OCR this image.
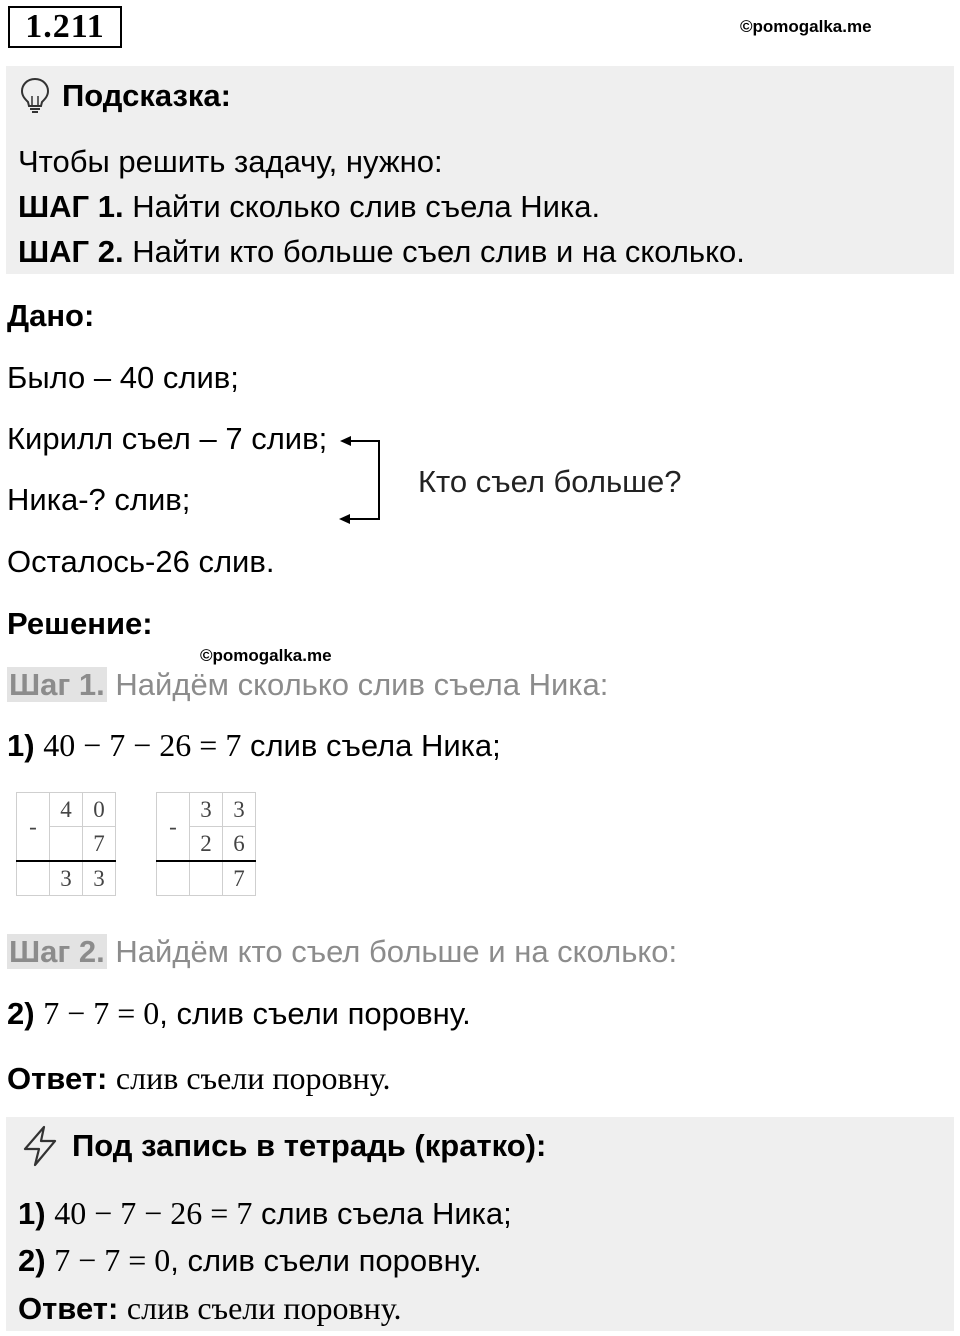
1.211	©pomogalka.me
Подсказка:
Чтобы решить задачу, нужно:
ШАГ 1. Найти сколько слив съела Ника.
ШАГ 2. Найти кто больше съел слив и на сколько.
Дано:
Было – 40 слив;
Кирилл съел – 7 слив;
Ника-? слив;
Осталось-26 слив.
Кто съел больше?
Решение:
©pomogalka.me
Шаг 1. Найдём сколько слив съела Ника:
1) 40 − 7 − 26 = 7 слив съела Ника;
-	4	0
		7
	3	3
-	3	3
	2	6
		7
Шаг 2. Найдём кто съел больше и на сколько:
2) 7 − 7 = 0, слив съели поровну.
Ответ: слив съели поровну.
Под запись в тетрадь (кратко):
1) 40 − 7 − 26 = 7 слив съела Ника;
2) 7 − 7 = 0, слив съели поровну.
Ответ: слив съели поровну.
